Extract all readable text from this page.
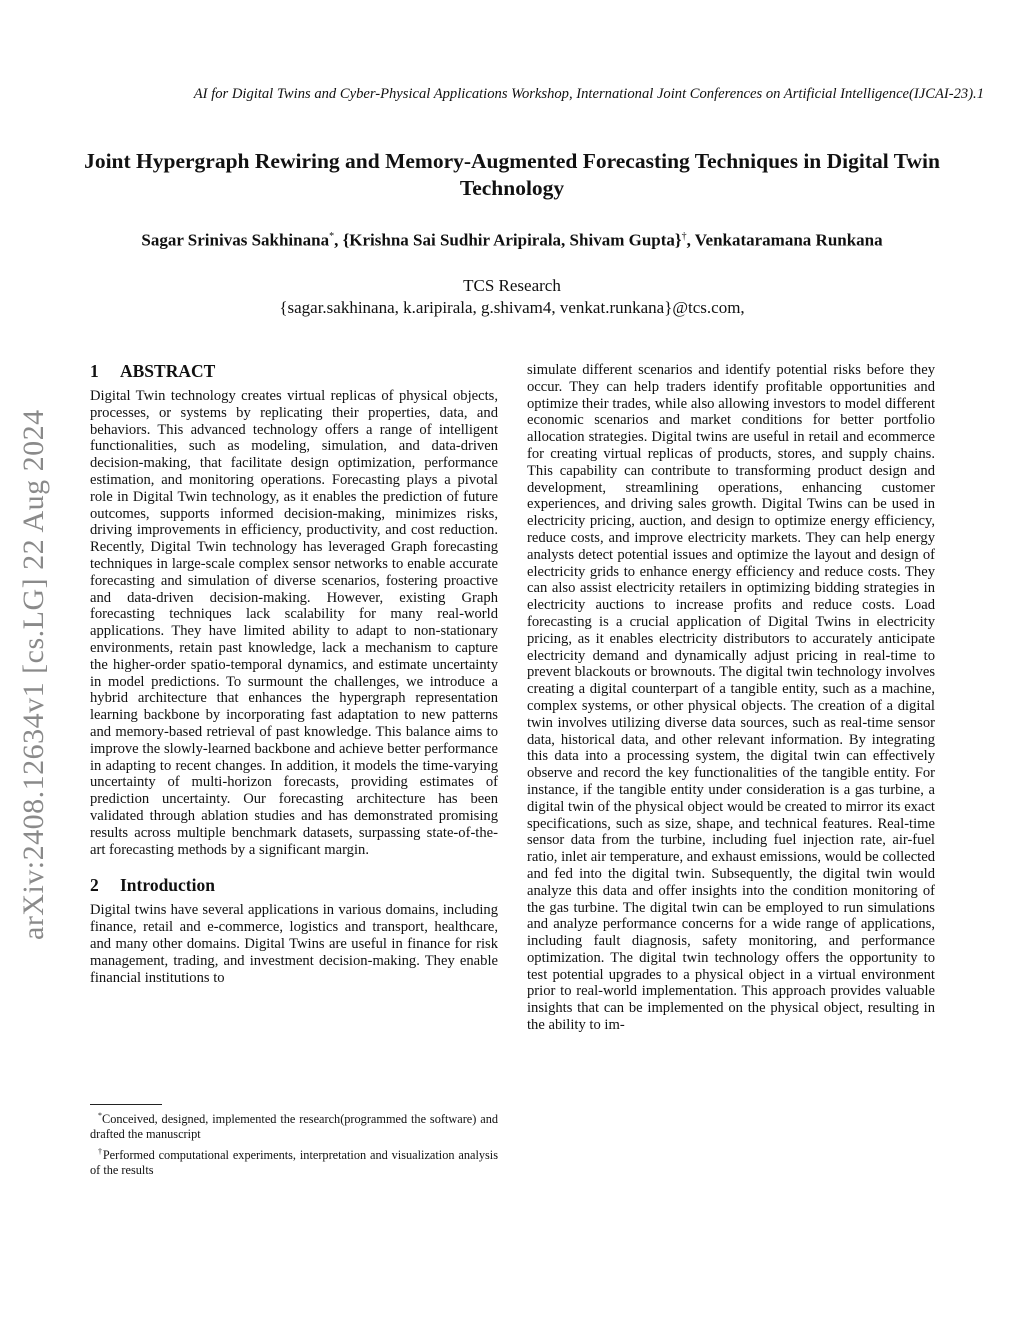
AI for Digital Twins and Cyber-Physical Applications Workshop, International Joint Conferences on Artificial Intelligence(IJCAI-23).1
Joint Hypergraph Rewiring and Memory-Augmented Forecasting Techniques in Digital Twin Technology
Sagar Srinivas Sakhinana*, {Krishna Sai Sudhir Aripirala, Shivam Gupta}†, Venkataramana Runkana
TCS Research
{sagar.sakhinana, k.aripirala, g.shivam4, venkat.runkana}@tcs.com,
arXiv:2408.12634v1 [cs.LG] 22 Aug 2024
1 ABSTRACT

Digital Twin technology creates virtual replicas of physical objects, processes, or systems by replicating their properties, data, and behaviors. This advanced technology offers a range of intelligent functionalities, such as modeling, simulation, and data-driven decision-making, that facilitate design optimization, performance estimation, and monitoring operations. Forecasting plays a pivotal role in Digital Twin technology, as it enables the prediction of future outcomes, supports informed decision-making, minimizes risks, driving improvements in efficiency, productivity, and cost reduction. Recently, Digital Twin technology has leveraged Graph forecasting techniques in large-scale complex sensor networks to enable accurate forecasting and simulation of diverse scenarios, fostering proactive and data-driven decision-making. However, existing Graph forecasting techniques lack scalability for many real-world applications. They have limited ability to adapt to non-stationary environments, retain past knowledge, lack a mechanism to capture the higher-order spatio-temporal dynamics, and estimate uncertainty in model predictions. To surmount the challenges, we introduce a hybrid architecture that enhances the hypergraph representation learning backbone by incorporating fast adaptation to new patterns and memory-based retrieval of past knowledge. This balance aims to improve the slowly-learned backbone and achieve better performance in adapting to recent changes. In addition, it models the time-varying uncertainty of multi-horizon forecasts, providing estimates of prediction uncertainty. Our forecasting architecture has been validated through ablation studies and has demonstrated promising results across multiple benchmark datasets, surpassing state-of-the-art forecasting methods by a significant margin.

2 Introduction

Digital twins have several applications in various domains, including finance, retail and e-commerce, logistics and transport, healthcare, and many other domains. Digital Twins are useful in finance for risk management, trading, and investment decision-making. They enable financial institutions to

*Conceived, designed, implemented the research(programmed the software) and drafted the manuscript

†Performed computational experiments, interpretation and visualization analysis of the results

simulate different scenarios and identify potential risks before they occur. They can help traders identify profitable opportunities and optimize their trades, while also allowing investors to model different economic scenarios and market conditions for better portfolio allocation strategies. Digital twins are useful in retail and ecommerce for creating virtual replicas of products, stores, and supply chains. This capability can contribute to transforming product design and development, streamlining operations, enhancing customer experiences, and driving sales growth. Digital Twins can be used in electricity pricing, auction, and design to optimize energy efficiency, reduce costs, and improve electricity markets. They can help energy analysts detect potential issues and optimize the layout and design of electricity grids to enhance energy efficiency and reduce costs. They can also assist electricity retailers in optimizing bidding strategies in electricity auctions to increase profits and reduce costs. Load forecasting is a crucial application of Digital Twins in electricity pricing, as it enables electricity distributors to accurately anticipate electricity demand and dynamically adjust pricing in real-time to prevent blackouts or brownouts. The digital twin technology involves creating a digital counterpart of a tangible entity, such as a machine, complex systems, or other physical objects. The creation of a digital twin involves utilizing diverse data sources, such as real-time sensor data, historical data, and other relevant information. By integrating this data into a processing system, the digital twin can effectively observe and record the key functionalities of the tangible entity. For instance, if the tangible entity under consideration is a gas turbine, a digital twin of the physical object would be created to mirror its exact specifications, such as size, shape, and technical features. Real-time sensor data from the turbine, including fuel injection rate, air-fuel ratio, inlet air temperature, and exhaust emissions, would be collected and fed into the digital twin. Subsequently, the digital twin would analyze this data and offer insights into the condition monitoring of the gas turbine. The digital twin can be employed to run simulations and analyze performance concerns for a wide range of applications, including fault diagnosis, safety monitoring, and performance optimization. The digital twin technology offers the opportunity to test potential upgrades to a physical object in a virtual environment prior to real-world implementation. This approach provides valuable insights that can be implemented on the physical object, resulting in the ability to im-
